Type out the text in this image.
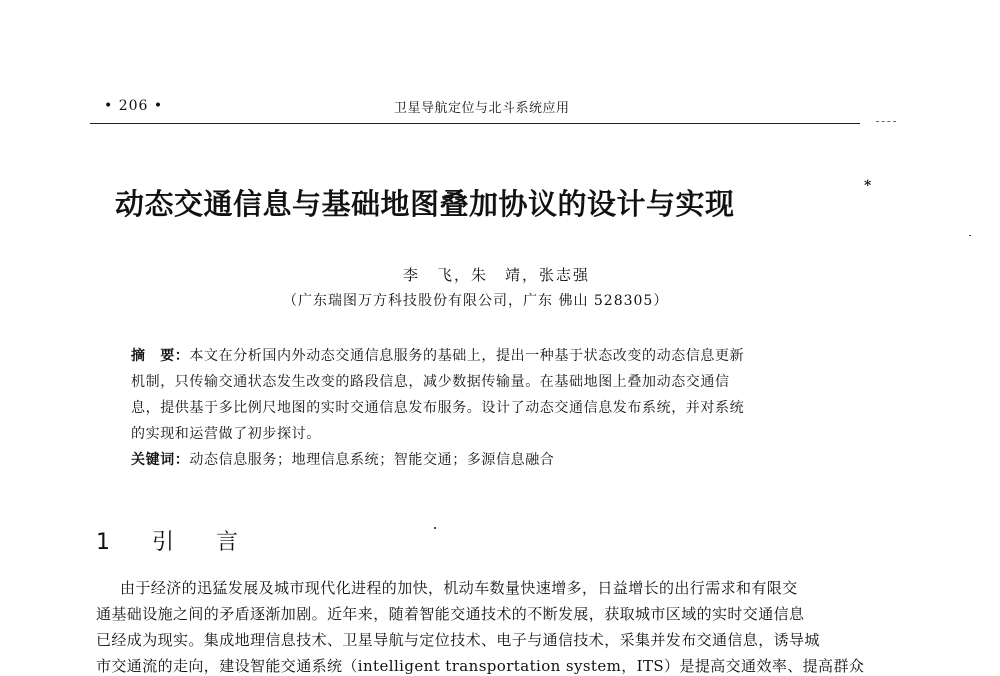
• 206 •	卫星导航定位与北斗系统应用
动态交通信息与基础地图叠加协议的设计与实现
*
李　飞，朱　靖，张志强
（广东瑞图万方科技股份有限公司，广东 佛山 528305）
摘　要：本文在分析国内外动态交通信息服务的基础上，提出一种基于状态改变的动态信息更新
机制，只传输交通状态发生改变的路段信息，减少数据传输量。在基础地图上叠加动态交通信
息，提供基于多比例尺地图的实时交通信息发布服务。设计了动态交通信息发布系统，并对系统
的实现和运营做了初步探讨。
关键词：动态信息服务；地理信息系统；智能交通；多源信息融合
1　引　言
由于经济的迅猛发展及城市现代化进程的加快，机动车数量快速增多，日益增长的出行需求和有限交
通基础设施之间的矛盾逐渐加剧。近年来，随着智能交通技术的不断发展，获取城市区域的实时交通信息
已经成为现实。集成地理信息技术、卫星导航与定位技术、电子与通信技术，采集并发布交通信息，诱导城
市交通流的走向，建设智能交通系统（intelligent transportation system，ITS）是提高交通效率、提高群众
